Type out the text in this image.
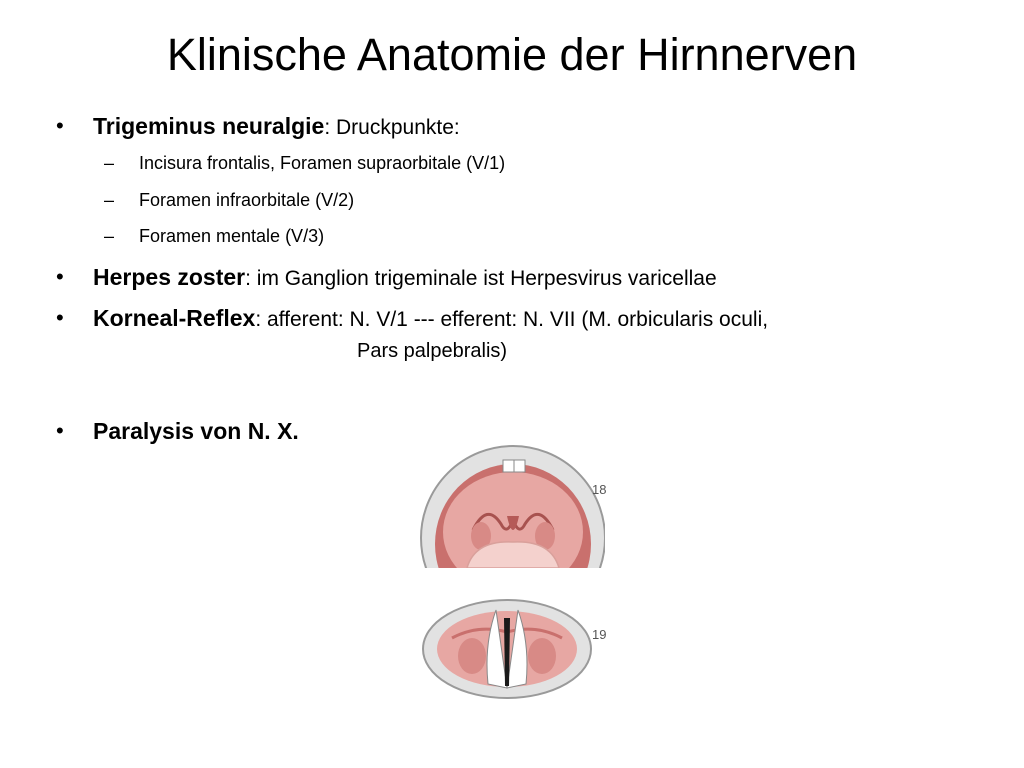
Klinische Anatomie der Hirnnerven
• Trigeminus neuralgie: Druckpunkte:
– Incisura frontalis, Foramen supraorbitale (V/1)
– Foramen infraorbitale (V/2)
– Foramen mentale (V/3)
• Herpes zoster: im Ganglion trigeminale ist Herpesvirus varicellae
• Korneal-Reflex: afferent: N. V/1 --- efferent: N. VII (M. orbicularis oculi,
Pars palpebralis)
• Paralysis von N. X.
18
19
